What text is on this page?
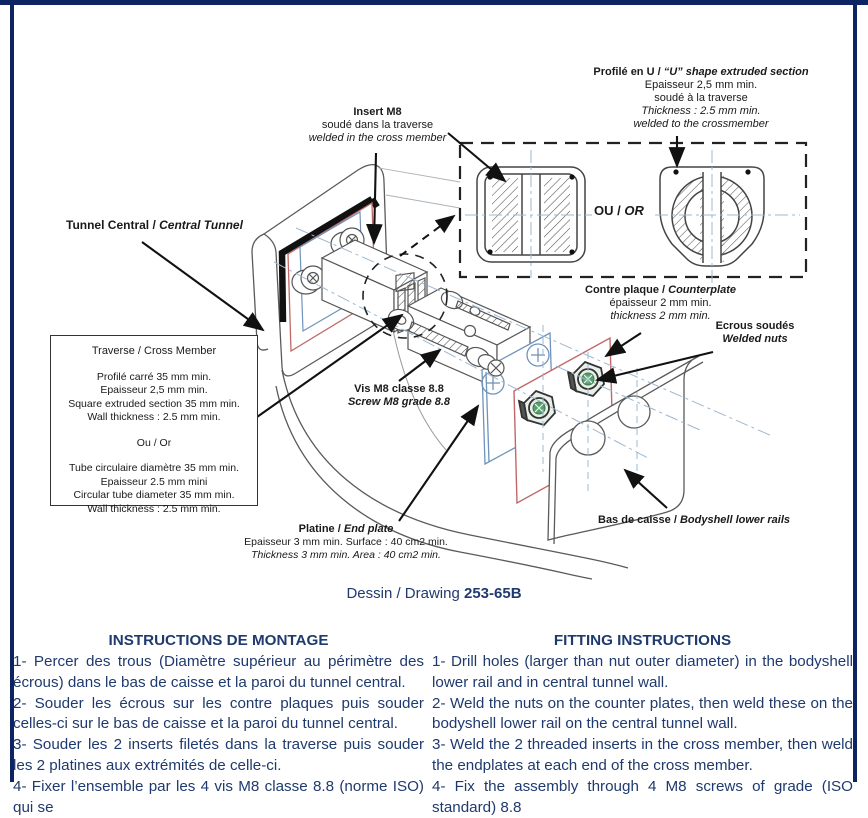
Insert M8
soudé dans la traverse
welded in the cross member
Profilé en U / “U” shape extruded section
Epaisseur 2,5 mm min.
soudé à la traverse
Thickness : 2.5 mm min.
welded to the crossmember
Tunnel Central / Central Tunnel
Traverse / Cross Member
Profilé carré 35 mm min.
Epaisseur 2,5 mm min.
Square extruded section 35 mm min.
Wall thickness : 2.5 mm min.
Ou / Or
Tube circulaire diamètre 35 mm min.
Epaisseur 2.5 mm mini
Circular tube diameter 35 mm min.
Wall thickness : 2.5 mm min.
OU / OR
Contre plaque / Counterplate
épaisseur 2 mm min.
thickness 2 mm min.
Ecrous soudés
Welded nuts
Vis M8 classe 8.8
Screw M8 grade 8.8
Platine / End plate
Epaisseur 3 mm min. Surface : 40 cm2 min.
Thickness 3 mm min. Area : 40 cm2 min.
Bas de caisse / Bodyshell lower rails
Dessin / Drawing 253-65B
INSTRUCTIONS DE MONTAGE

1- Percer des trous (Diamètre supérieur au périmètre des écrous) dans le bas de caisse et la paroi du tunnel central.

2- Souder les écrous sur les contre plaques puis souder celles-ci sur le bas de caisse et la paroi du tunnel central.

3- Souder les 2 inserts filetés dans la traverse puis souder les 2 platines aux extrémités de celle-ci.

4- Fixer l’ensemble par les 4 vis M8 classe 8.8 (norme ISO) qui se

FITTING INSTRUCTIONS

1- Drill holes (larger than nut outer diameter) in the bodyshell lower rail and in central tunnel wall.

2- Weld the nuts on the counter plates, then weld these on the bodyshell lower rail on the central tunnel wall.

3- Weld the 2 threaded inserts in the cross member, then weld the endplates at each end of the cross member.

4- Fix the assembly through 4 M8 screws of grade (ISO standard) 8.8
